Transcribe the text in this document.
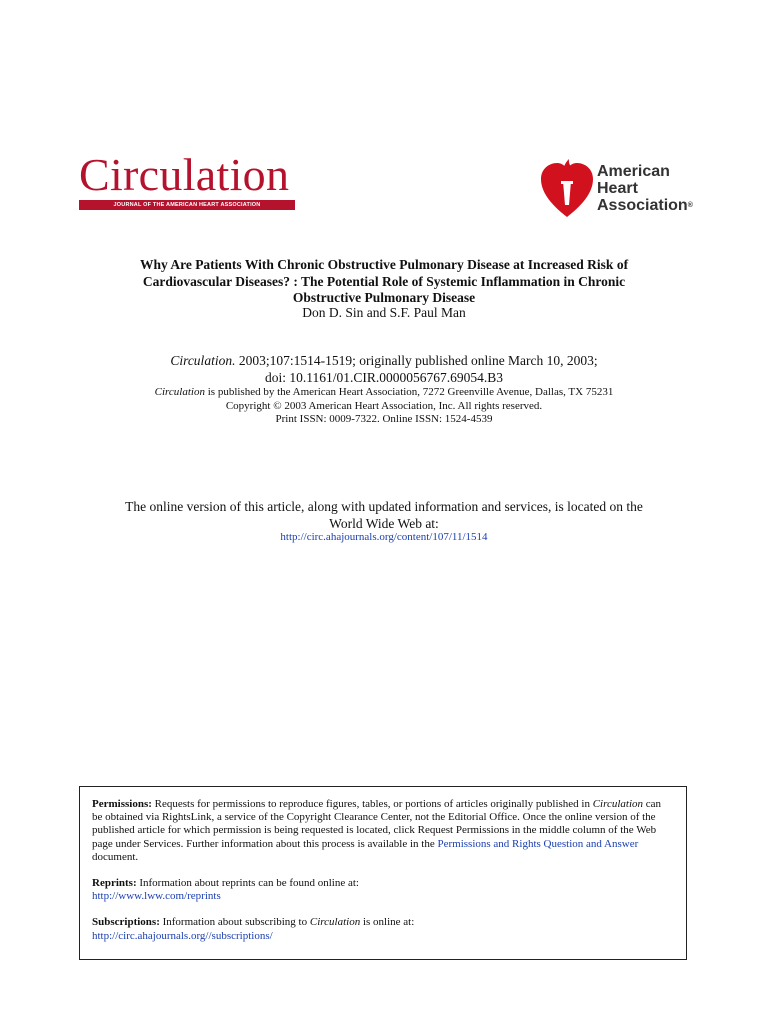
Circulation
JOURNAL OF THE AMERICAN HEART ASSOCIATION
American
Heart
Association®
Why Are Patients With Chronic Obstructive Pulmonary Disease at Increased Risk of
Cardiovascular Diseases? : The Potential Role of Systemic Inflammation in Chronic
Obstructive Pulmonary Disease
Don D. Sin and S.F. Paul Man
Circulation. 2003;107:1514-1519; originally published online March 10, 2003;
doi: 10.1161/01.CIR.0000056767.69054.B3
Circulation is published by the American Heart Association, 7272 Greenville Avenue, Dallas, TX 75231
Copyright © 2003 American Heart Association, Inc. All rights reserved.
Print ISSN: 0009-7322. Online ISSN: 1524-4539
The online version of this article, along with updated information and services, is located on the
World Wide Web at:
http://circ.ahajournals.org/content/107/11/1514

Permissions: Requests for permissions to reproduce figures, tables, or portions of articles originally published in Circulation can be obtained via RightsLink, a service of the Copyright Clearance Center, not the Editorial Office. Once the online version of the published article for which permission is being requested is located, click Request Permissions in the middle column of the Web page under Services. Further information about this process is available in the Permissions and Rights Question and Answer document.

Reprints: Information about reprints can be found online at:
http://www.lww.com/reprints

Subscriptions: Information about subscribing to Circulation is online at:
http://circ.ahajournals.org//subscriptions/
